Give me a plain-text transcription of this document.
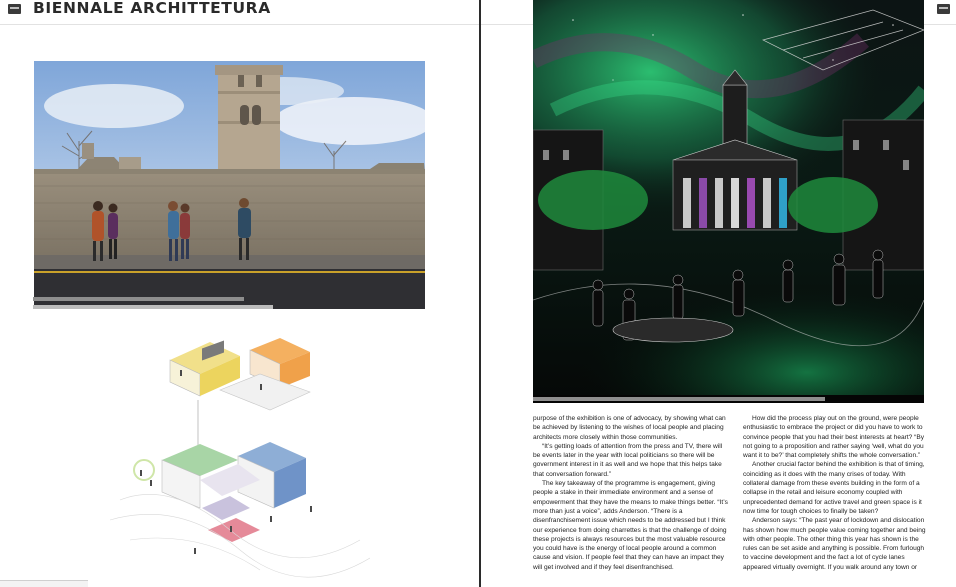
BIENNALE ARCHITTETURA

purpose of the exhibition is one of advocacy, by showing what can be achieved by listening to the wishes of local people and placing architects more closely within those communities.

“It’s getting loads of attention from the press and TV, there will be events later in the year with local politicians so there will be government interest in it as well and we hope that this helps take that conversation forward.”

The key takeaway of the programme is engagement, giving people a stake in their immediate environment and a sense of empowerment that they have the means to make things better. “It’s more than just a voice”, adds Anderson. “There is a disenfranchisement issue which needs to be addressed but I think our experience from doing charrettes is that the challenge of doing these projects is always resources but the most valuable resource you could have is the energy of local people around a common cause and vision. If people feel that they can have an impact they will get involved and if they feel disenfranchised.

How did the process play out on the ground, were people enthusiastic to embrace the project or did you have to work to convince people that you had their best interests at heart? “By not going to a proposition and rather saying ‘well, what do you want it to be?’ that completely shifts the whole conversation.”

Another crucial factor behind the exhibition is that of timing, coinciding as it does with the many crises of today. With collateral damage from these events building in the form of a collapse in the retail and leisure economy coupled with unprecedented demand for active travel and green space is it now time for tough choices to finally be taken?

Anderson says: “The past year of lockdown and dislocation has shown how much people value coming together and being with other people. The other thing this year has shown is the rules can be set aside and anything is possible. From furlough to vaccine development and the fact a lot of cycle lanes appeared virtually overnight. If you walk around any town or
